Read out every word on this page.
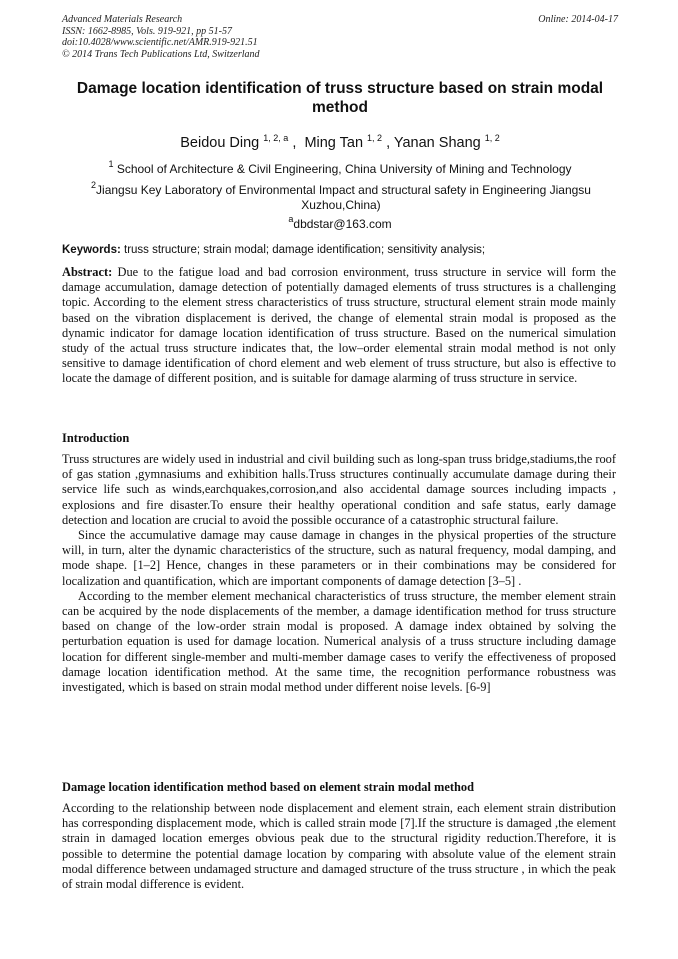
Advanced Materials Research
ISSN: 1662-8985, Vols. 919-921, pp 51-57
doi:10.4028/www.scientific.net/AMR.919-921.51
© 2014 Trans Tech Publications Ltd, Switzerland
Online: 2014-04-17
Damage location identification of truss structure based on strain modal method
Beidou Ding $^{1, 2, a}$ ,  Ming Tan $^{1, 2}$ , Yanan Shang $^{1, 2}$
$^1$ School of Architecture & Civil Engineering, China University of Mining and Technology
$^2$Jiangsu Key Laboratory of Environmental Impact and structural safety in Engineering Jiangsu Xuzhou,China)
$^a$dbdstar@163.com
Keywords: truss structure; strain modal; damage identification; sensitivity analysis;
Abstract: Due to the fatigue load and bad corrosion environment, truss structure in service will form the damage accumulation, damage detection of potentially damaged elements of truss structures is a challenging topic. According to the element stress characteristics of truss structure, structural element strain mode mainly based on the vibration displacement is derived, the change of elemental strain modal is proposed as the dynamic indicator for damage location identification of truss structure. Based on the numerical simulation study of the actual truss structure indicates that, the low–order elemental strain modal method is not only sensitive to damage identification of chord element and web element of truss structure, but also is effective to locate the damage of different position, and is suitable for damage alarming of truss structure in service.
Introduction

Truss structures are widely used in industrial and civil building such as long-span truss bridge,stadiums,the roof of gas station ,gymnasiums and exhibition halls.Truss structures continually accumulate damage during their service life such as winds,earchquakes,corrosion,and also accidental damage sources including impacts , explosions and fire disaster.To ensure their healthy operational condition and safe status, early damage detection and location are crucial to avoid the possible occurance of a catastrophic structural failure.

Since the accumulative damage may cause damage in changes in the physical properties of the structure will, in turn, alter the dynamic characteristics of the structure, such as natural frequency, modal damping, and mode shape. [1–2] Hence, changes in these parameters or in their combinations may be considered for localization and quantification, which are important components of damage detection [3–5] .

According to the member element mechanical characteristics of truss structure, the member element strain can be acquired by the node displacements of the member, a damage identification method for truss structure based on change of the low-order strain modal is proposed. A damage index obtained by solving the perturbation equation is used for damage location. Numerical analysis of a truss structure including damage location for different single-member and multi-member damage cases to verify the effectiveness of proposed damage location identification method. At the same time, the recognition performance robustness was investigated, which is based on strain modal method under different noise levels. [6-9]

Damage location identification method based on element strain modal method
According to the relationship between node displacement and element strain, each element strain distribution has corresponding displacement mode, which is called strain mode [7].If the structure is damaged ,the element strain in damaged location emerges obvious peak due to the structural rigidity reduction.Therefore, it is possible to determine the potential damage location by comparing with absolute value of the element strain modal difference between undamaged structure and damaged structure of the truss structure , in which the peak of strain modal difference is evident.
